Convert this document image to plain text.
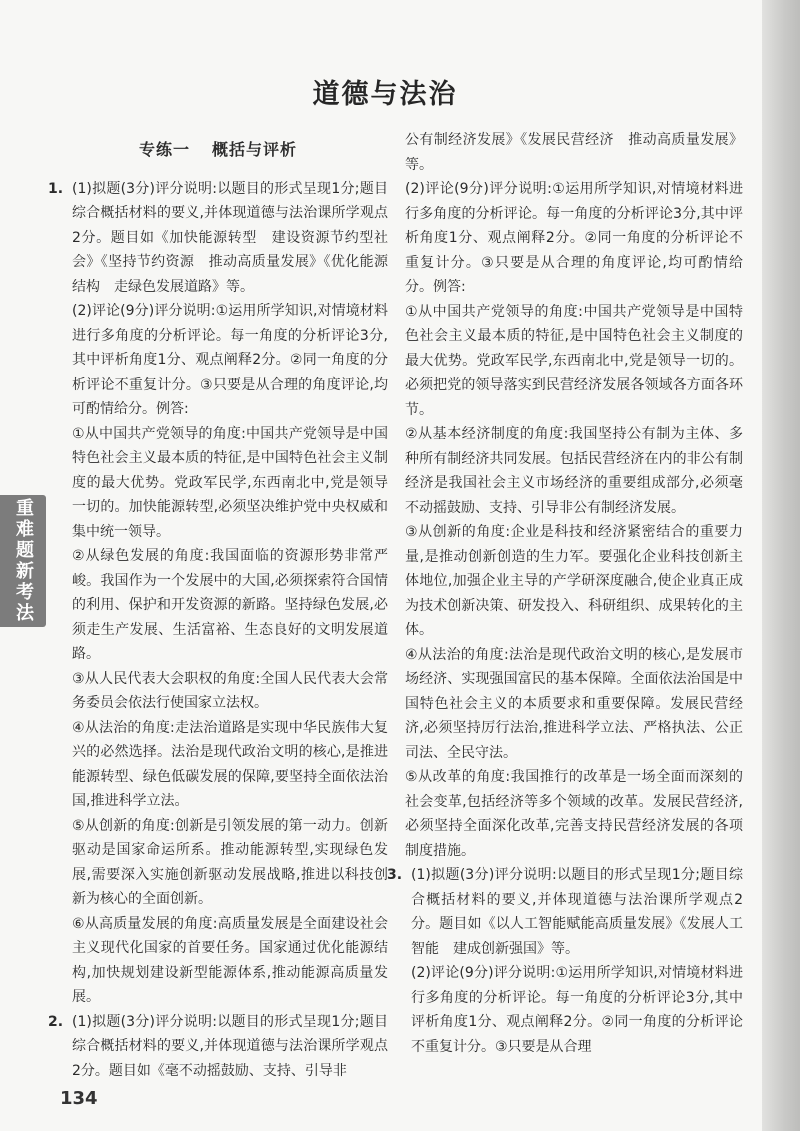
道德与法治
重难题新考法
专练一 概括与评析
1. (1)拟题(3分)评分说明:以题目的形式呈现1分;题目综合概括材料的要义,并体现道德与法治课所学观点2分。题目如《加快能源转型　建设资源节约型社会》《坚持节约资源　推动高质量发展》《优化能源结构　走绿色发展道路》等。

(2)评论(9分)评分说明:①运用所学知识,对情境材料进行多角度的分析评论。每一角度的分析评论3分,其中评析角度1分、观点阐释2分。②同一角度的分析评论不重复计分。③只要是从合理的角度评论,均可酌情给分。例答:

①从中国共产党领导的角度:中国共产党领导是中国特色社会主义最本质的特征,是中国特色社会主义制度的最大优势。党政军民学,东西南北中,党是领导一切的。加快能源转型,必须坚决维护党中央权威和集中统一领导。

②从绿色发展的角度:我国面临的资源形势非常严峻。我国作为一个发展中的大国,必须探索符合国情的利用、保护和开发资源的新路。坚持绿色发展,必须走生产发展、生活富裕、生态良好的文明发展道路。

③从人民代表大会职权的角度:全国人民代表大会常务委员会依法行使国家立法权。

④从法治的角度:走法治道路是实现中华民族伟大复兴的必然选择。法治是现代政治文明的核心,是推进能源转型、绿色低碳发展的保障,要坚持全面依法治国,推进科学立法。

⑤从创新的角度:创新是引领发展的第一动力。创新驱动是国家命运所系。推动能源转型,实现绿色发展,需要深入实施创新驱动发展战略,推进以科技创新为核心的全面创新。

⑥从高质量发展的角度:高质量发展是全面建设社会主义现代化国家的首要任务。国家通过优化能源结构,加快规划建设新型能源体系,推动能源高质量发展。

2. (1)拟题(3分)评分说明:以题目的形式呈现1分;题目综合概括材料的要义,并体现道德与法治课所学观点2分。题目如《毫不动摇鼓励、支持、引导非

公有制经济发展》《发展民营经济　推动高质量发展》等。

(2)评论(9分)评分说明:①运用所学知识,对情境材料进行多角度的分析评论。每一角度的分析评论3分,其中评析角度1分、观点阐释2分。②同一角度的分析评论不重复计分。③只要是从合理的角度评论,均可酌情给分。例答:

①从中国共产党领导的角度:中国共产党领导是中国特色社会主义最本质的特征,是中国特色社会主义制度的最大优势。党政军民学,东西南北中,党是领导一切的。必须把党的领导落实到民营经济发展各领域各方面各环节。

②从基本经济制度的角度:我国坚持公有制为主体、多种所有制经济共同发展。包括民营经济在内的非公有制经济是我国社会主义市场经济的重要组成部分,必须毫不动摇鼓励、支持、引导非公有制经济发展。

③从创新的角度:企业是科技和经济紧密结合的重要力量,是推动创新创造的生力军。要强化企业科技创新主体地位,加强企业主导的产学研深度融合,使企业真正成为技术创新决策、研发投入、科研组织、成果转化的主体。

④从法治的角度:法治是现代政治文明的核心,是发展市场经济、实现强国富民的基本保障。全面依法治国是中国特色社会主义的本质要求和重要保障。发展民营经济,必须坚持厉行法治,推进科学立法、严格执法、公正司法、全民守法。

⑤从改革的角度:我国推行的改革是一场全面而深刻的社会变革,包括经济等多个领域的改革。发展民营经济,必须坚持全面深化改革,完善支持民营经济发展的各项制度措施。

3. (1)拟题(3分)评分说明:以题目的形式呈现1分;题目综合概括材料的要义,并体现道德与法治课所学观点2分。题目如《以人工智能赋能高质量发展》《发展人工智能　建成创新强国》等。

(2)评论(9分)评分说明:①运用所学知识,对情境材料进行多角度的分析评论。每一角度的分析评论3分,其中评析角度1分、观点阐释2分。②同一角度的分析评论不重复计分。③只要是从合理

134
